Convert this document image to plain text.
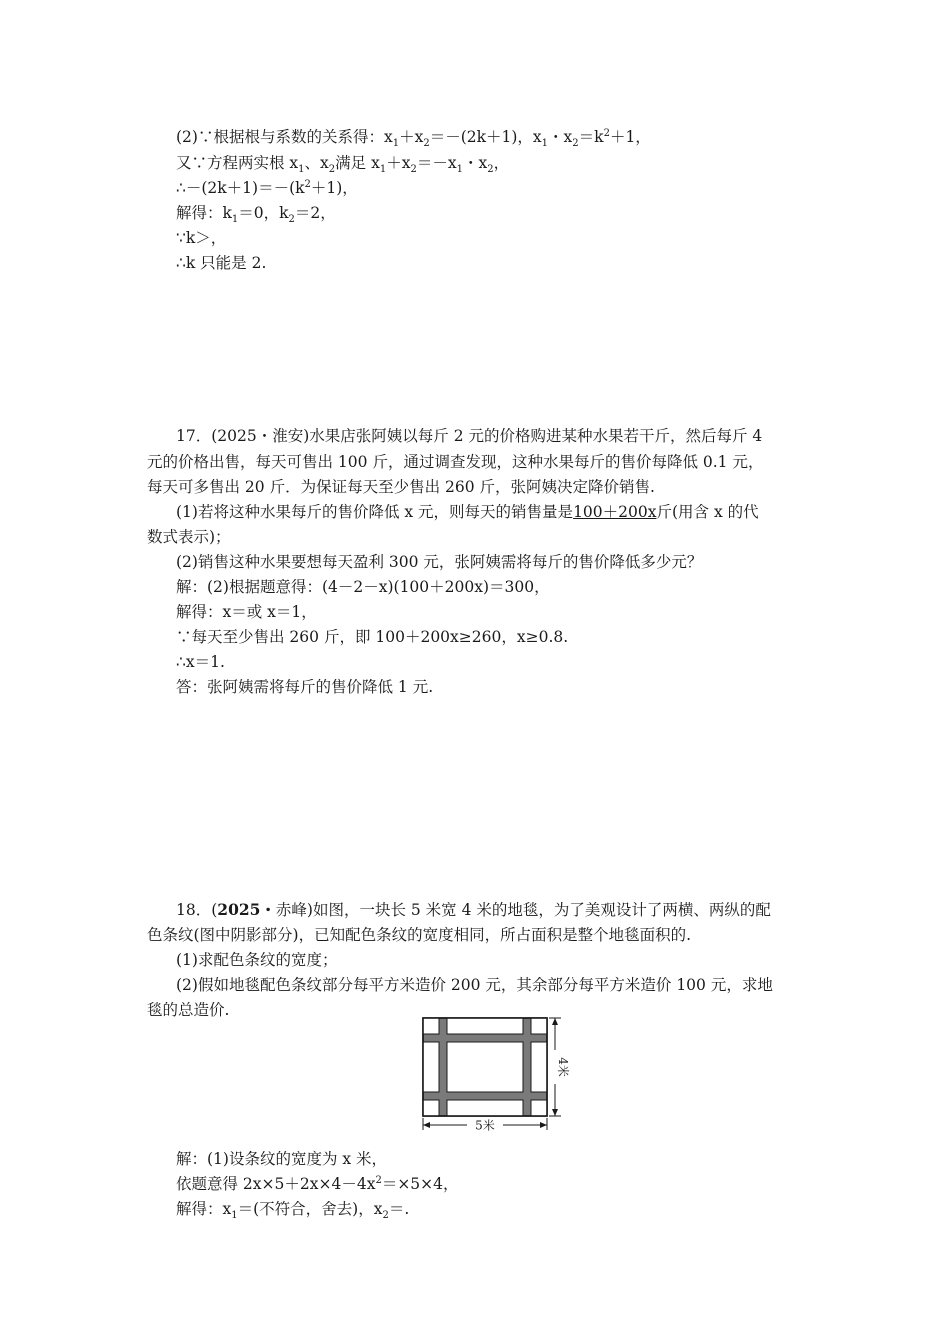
(2)∵根据根与系数的关系得：$x_1+x_2=-(2k+1)$，$x_1$・$x_2=k^2+1$，
又∵方程两实根 $x_1$、$x_2$满足 $x_1+x_2=-x_1$・$x_2$，
$\therefore-(2k+1)=-(k^2+1)$，
解得：$k_1=0$，$k_2=2$，
∵k＞，
∴k 只能是 2.
17．(2025・淮安)水果店张阿姨以每斤 2 元的价格购进某种水果若干斤，然后每斤 4
元的价格出售，每天可售出 100 斤，通过调查发现，这种水果每斤的售价每降低 0.1 元，
每天可多售出 20 斤．为保证每天至少售出 260 斤，张阿姨决定降价销售.
(1)若将这种水果每斤的售价降低 x 元，则每天的销售量是100＋200x斤(用含 x 的代
数式表示)；
(2)销售这种水果要想每天盈利 300 元，张阿姨需将每斤的售价降低多少元？
解：(2)根据题意得：(4－2－x)(100＋200x)＝300，
解得：x＝或 x＝1，
∵每天至少售出 260 斤，即 100＋200x≥260，x≥0.8.
∴x＝1.
答：张阿姨需将每斤的售价降低 1 元.
18．(2025・赤峰)如图，一块长 5 米宽 4 米的地毯，为了美观设计了两横、两纵的配
色条纹(图中阴影部分)，已知配色条纹的宽度相同，所占面积是整个地毯面积的.
(1)求配色条纹的宽度；
(2)假如地毯配色条纹部分每平方米造价 200 元，其余部分每平方米造价 100 元，求地
毯的总造价.
5米
4米
解：(1)设条纹的宽度为 x 米，
依题意得 $2x\times 5+2x\times 4-4x^2=\times 5\times 4$，
解得：$x_1=$(不符合，舍去)，$x_2=$.
